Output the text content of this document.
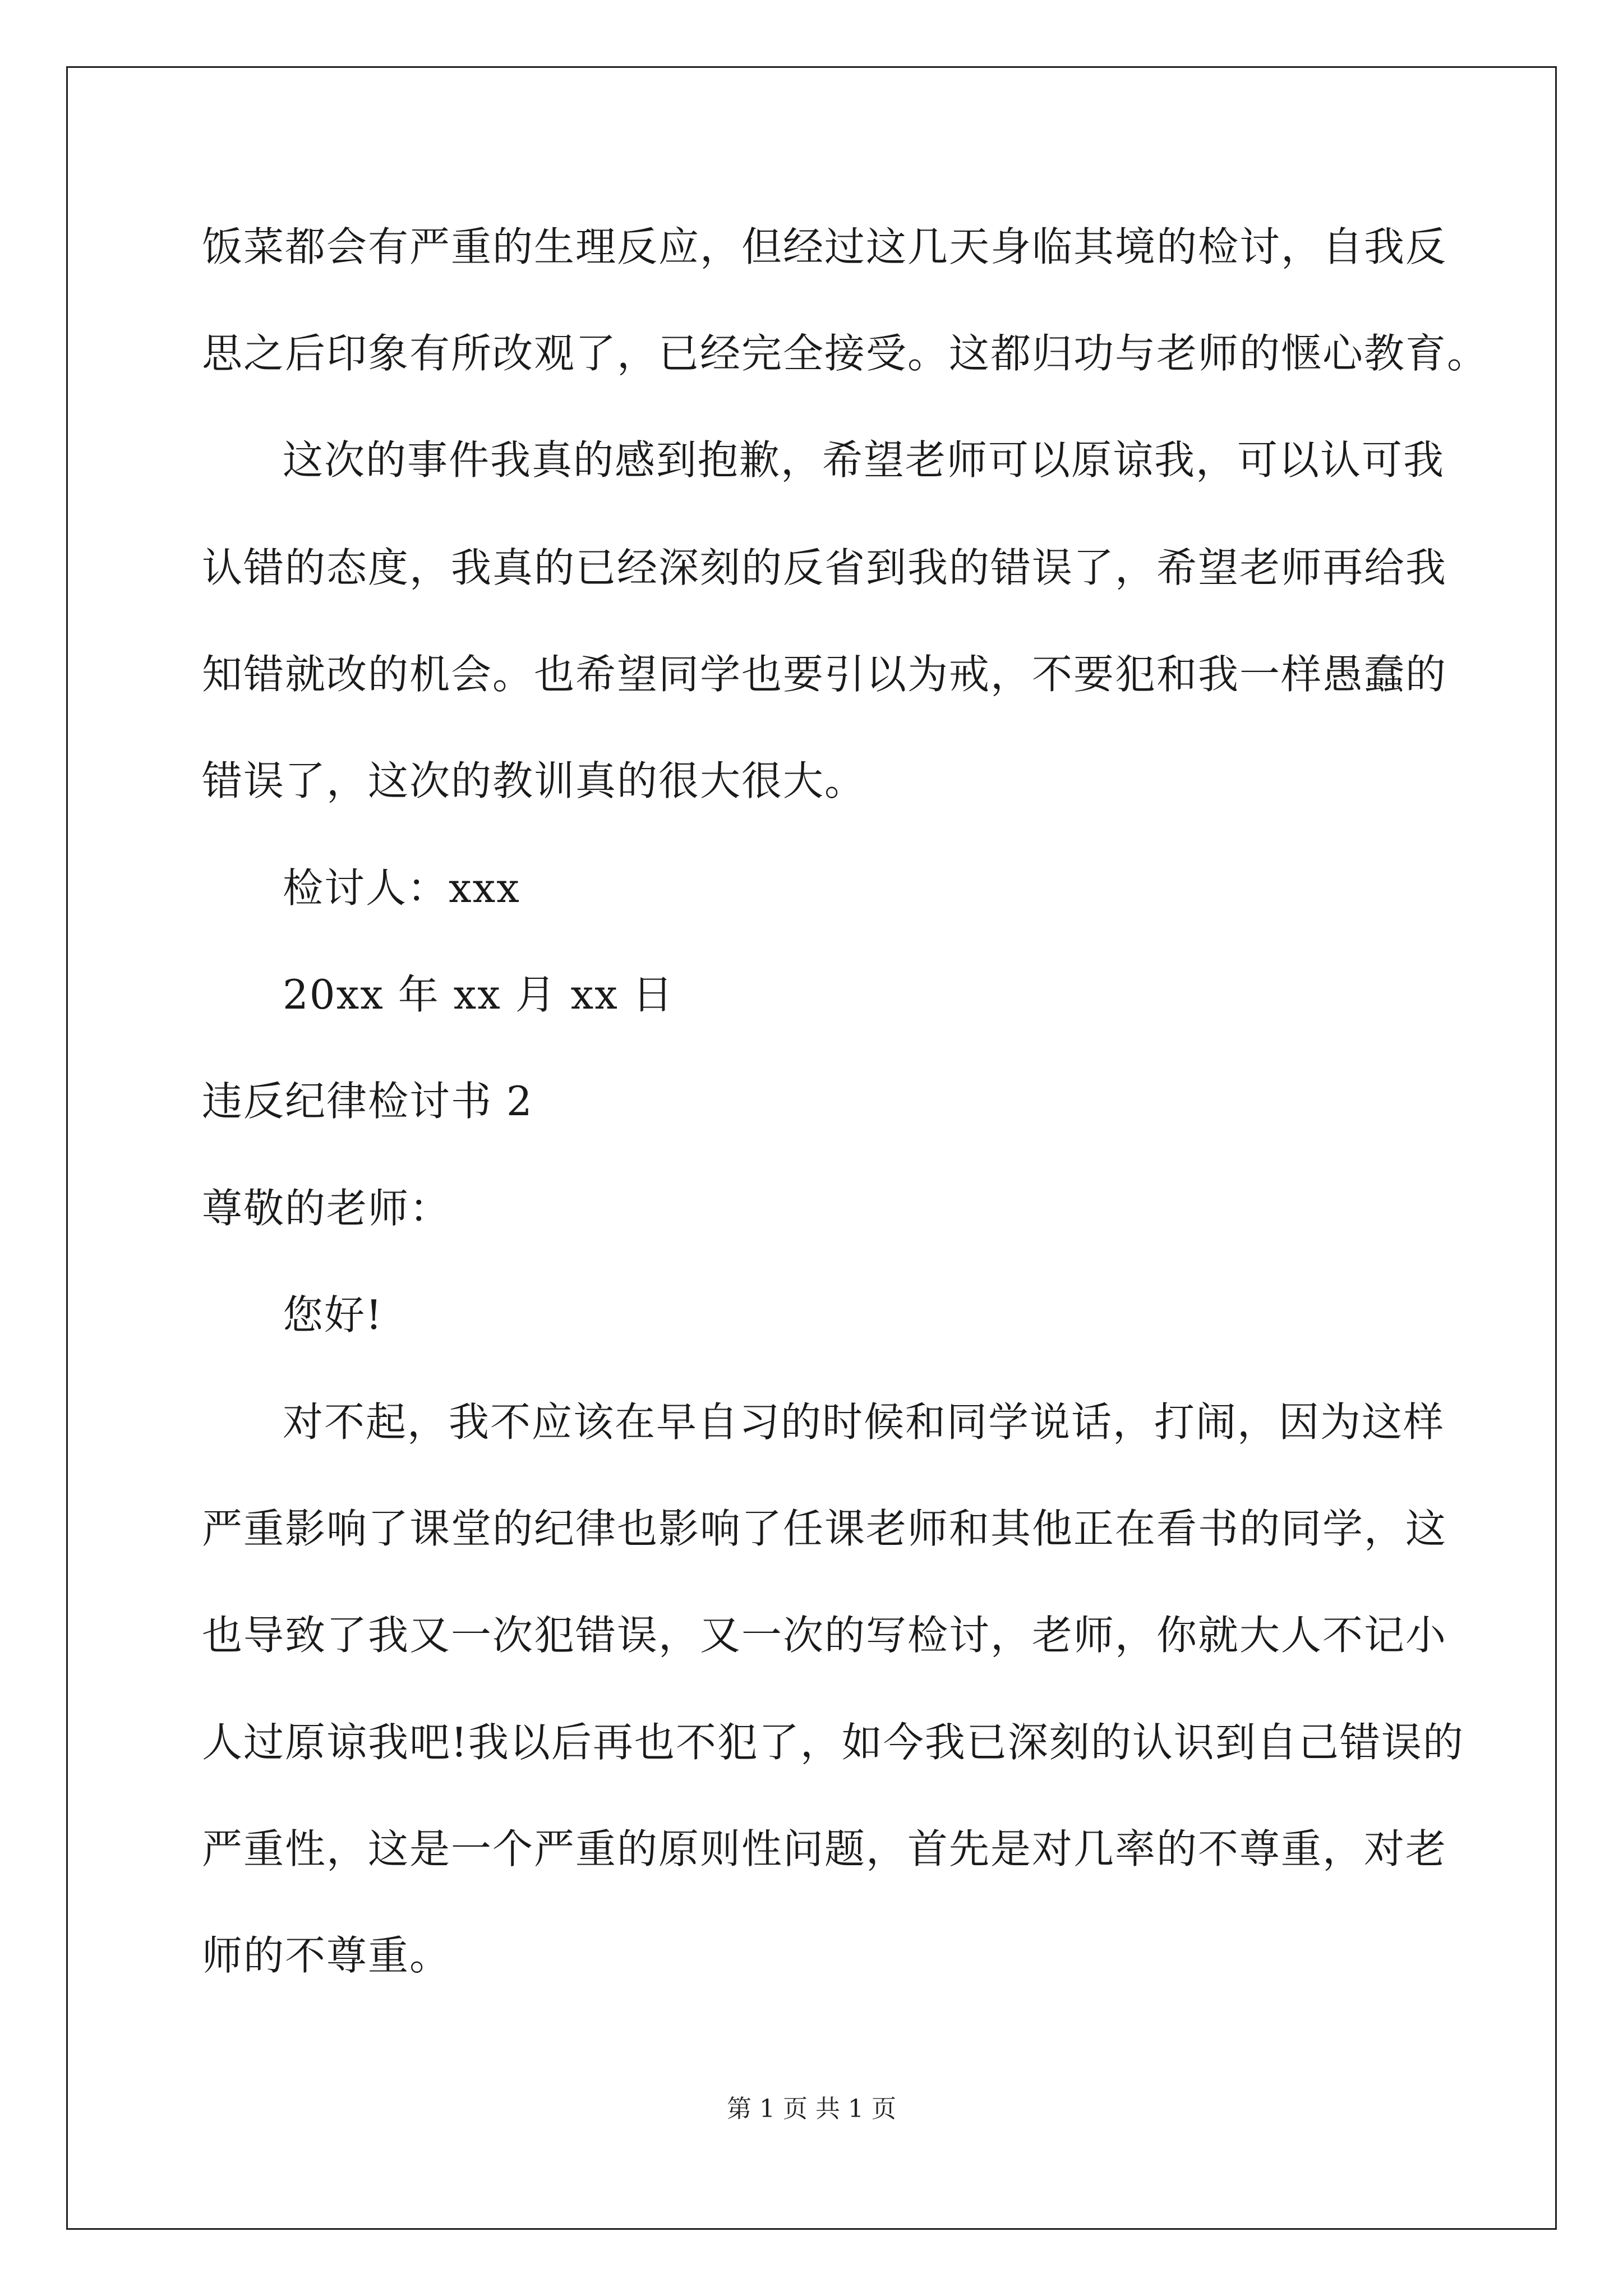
饭菜都会有严重的生理反应，但经过这几天身临其境的检讨，自我反
思之后印象有所改观了，已经完全接受。这都归功与老师的惬心教育。
这次的事件我真的感到抱歉，希望老师可以原谅我，可以认可我
认错的态度，我真的已经深刻的反省到我的错误了，希望老师再给我
知错就改的机会。也希望同学也要引以为戒，不要犯和我一样愚蠢的
错误了，这次的教训真的很大很大。
检讨人：xxx
20xx 年 xx 月 xx 日
违反纪律检讨书 2
尊敬的老师：
您好!
对不起，我不应该在早自习的时候和同学说话，打闹，因为这样
严重影响了课堂的纪律也影响了任课老师和其他正在看书的同学，这
也导致了我又一次犯错误，又一次的写检讨，老师，你就大人不记小
人过原谅我吧!我以后再也不犯了，如今我已深刻的认识到自己错误的
严重性，这是一个严重的原则性问题，首先是对几率的不尊重，对老
师的不尊重。
第 1 页 共 1 页
